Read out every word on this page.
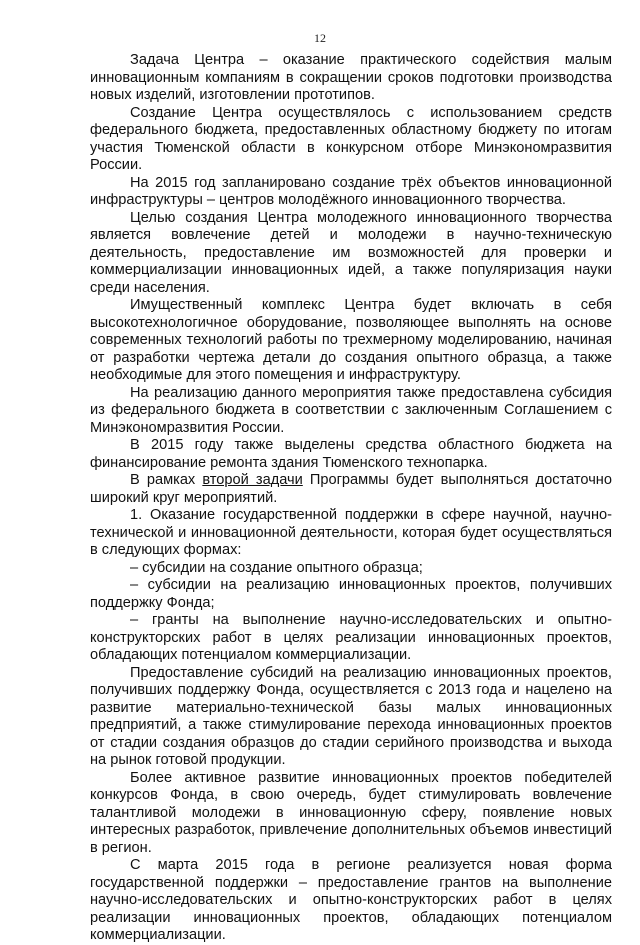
12

Задача Центра – оказание практического содействия малым инновационным компаниям в сокращении сроков подготовки производства новых изделий, изготовлении прототипов.

Создание Центра осуществлялось с использованием средств федерального бюджета, предоставленных областному бюджету по итогам участия Тюменской области в конкурсном отборе Минэкономразвития России.

На 2015 год запланировано создание трёх объектов инновационной инфраструктуры – центров молодёжного инновационного творчества.

Целью создания Центра молодежного инновационного творчества является вовлечение детей и молодежи в научно-техническую деятельность, предоставление им возможностей для проверки и коммерциализации инновационных идей, а также популяризация науки среди населения.

Имущественный комплекс Центра будет включать в себя высокотехнологичное оборудование, позволяющее выполнять на основе современных технологий работы по трехмерному моделированию, начиная от разработки чертежа детали до создания опытного образца, а также необходимые для этого помещения и инфраструктуру.

На реализацию данного мероприятия также предоставлена субсидия из федерального бюджета в соответствии с заключенным Соглашением с Минэкономразвития России.

В 2015 году также выделены средства областного бюджета на финансирование ремонта здания Тюменского технопарка.

В рамках второй задачи Программы будет выполняться достаточно широкий круг мероприятий.

1. Оказание государственной поддержки в сфере научной, научно-технической и инновационной деятельности, которая будет осуществляться в следующих формах:

– субсидии на создание опытного образца;

– субсидии на реализацию инновационных проектов, получивших поддержку Фонда;

– гранты на выполнение научно-исследовательских и опытно-конструкторских работ в целях реализации инновационных проектов, обладающих потенциалом коммерциализации.

Предоставление субсидий на реализацию инновационных проектов, получивших поддержку Фонда, осуществляется с 2013 года и нацелено на развитие материально-технической базы малых инновационных предприятий, а также стимулирование перехода инновационных проектов от стадии создания образцов до стадии серийного производства и выхода на рынок готовой продукции.

Более активное развитие инновационных проектов победителей конкурсов Фонда, в свою очередь, будет стимулировать вовлечение талантливой молодежи в инновационную сферу, появление новых интересных разработок, привлечение дополнительных объемов инвестиций в регион.

С марта 2015 года в регионе реализуется новая форма государственной поддержки – предоставление грантов на выполнение научно-исследовательских и опытно-конструкторских работ в целях реализации инновационных проектов, обладающих потенциалом коммерциализации.
